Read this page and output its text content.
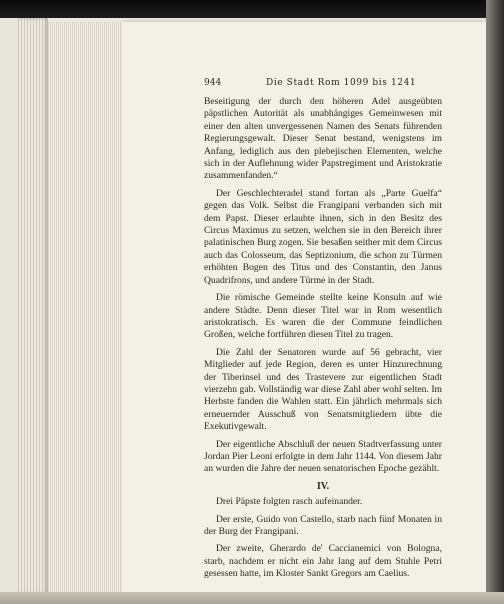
944	Die Stadt Rom 1099 bis 1241

Beseitigung der durch den höheren Adel ausgeübten päpstlichen Autorität als unabhängiges Gemeinwesen mit einer den alten unvergessenen Namen des Senats führenden Regierungsgewalt. Dieser Senat bestand, wenigstens im Anfang, lediglich aus den plebejischen Elementen, welche sich in der Auflehnung wider Papstregiment und Aristokratie zusammenfanden.“

Der Geschlechteradel stand fortan als „Parte Guelfa“ gegen das Volk. Selbst die Frangipani verbanden sich mit dem Papst. Dieser erlaubte ihnen, sich in den Besitz des Circus Maximus zu setzen, welchen sie in den Bereich ihrer palatinischen Burg zogen. Sie besaßen seither mit dem Circus auch das Colosseum, das Septizonium, die schon zu Türmen erhöhten Bogen des Titus und des Constantin, den Janus Quadrifrons, und andere Türme in der Stadt.

Die römische Gemeinde stellte keine Konsuln auf wie andere Städte. Denn dieser Titel war in Rom wesentlich aristokratisch. Es waren die der Commune feindlichen Großen, welche fortführen diesen Titel zu tragen.

Die Zahl der Senatoren wurde auf 56 gebracht, vier Mitglieder auf jede Region, deren es unter Hinzurechnung der Tiberinsel und des Trastevere zur eigentlichen Stadt vierzehn gab. Vollständig war diese Zahl aber wohl selten. Im Herbste fanden die Wahlen statt. Ein jährlich mehrmals sich erneuernder Ausschuß von Senatsmitgliedern übte die Exekutivgewalt.

Der eigentliche Abschluß der neuen Stadtverfassung unter Jordan Pier Leoni erfolgte in dem Jahr 1144. Von diesem Jahr an wurden die Jahre der neuen senatorischen Epoche gezählt.

IV.

Drei Päpste folgten rasch aufeinander.

Der erste, Guido von Castello, starb nach fünf Monaten in der Burg der Frangipani.

Der zweite, Gherardo de' Caccianemici von Bologna, starb, nachdem er nicht ein Jahr lang auf dem Stuhle Petri gesessen hatte, im Kloster Sankt Gregors am Caelius.
